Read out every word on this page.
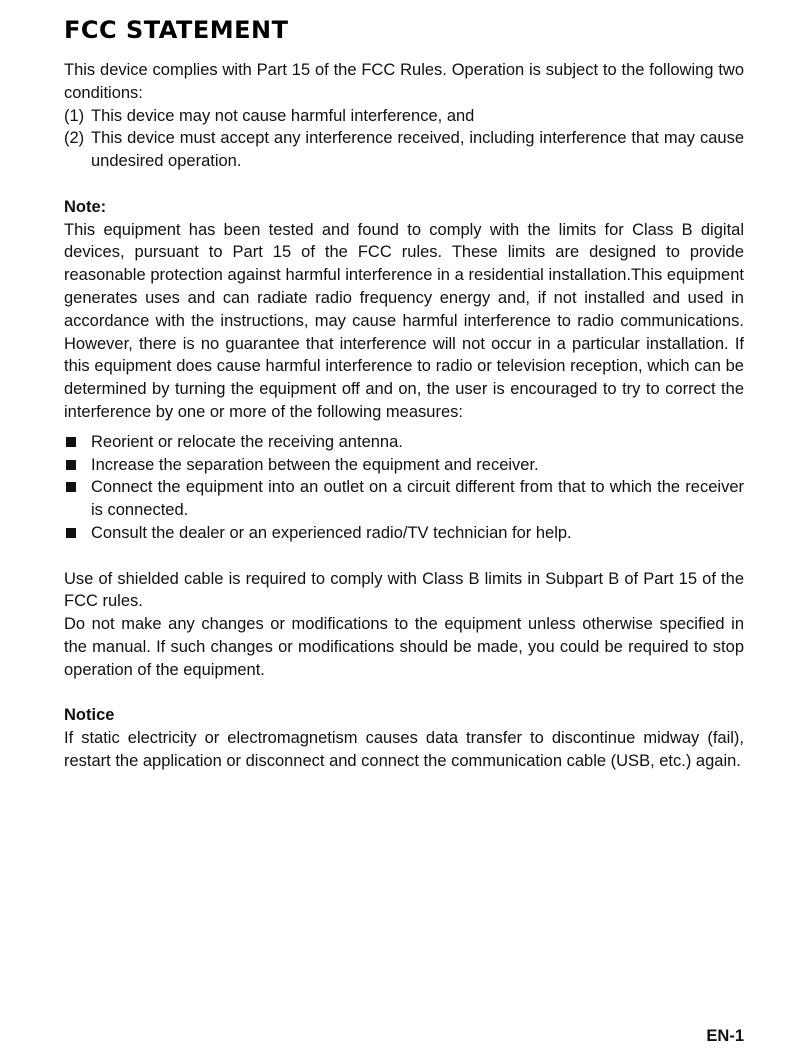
FCC STATEMENT

This device complies with Part 15 of the FCC Rules. Operation is subject to the following two conditions:

(1) This device may not cause harmful interference, and
(2) This device must accept any interference received, including interference that may cause undesired operation.
Note:

This equipment has been tested and found to comply with the limits for Class B digital devices, pursuant to Part 15 of the FCC rules. These limits are designed to provide reasonable protection against harmful interference in a residential installation.This equipment generates uses and can radiate radio frequency energy and, if not installed and used in accordance with the instructions, may cause harmful interference to radio communications. However, there is no guarantee that interference will not occur in a particular installation. If this equipment does cause harmful interference to radio or television reception, which can be determined by turning the equipment off and on, the user is encouraged to try to correct the interference by one or more of the following measures:

Reorient or relocate the receiving antenna.
Increase the separation between the equipment and receiver.
Connect the equipment into an outlet on a circuit different from that to which the receiver is connected.
Consult the dealer or an experienced radio/TV technician for help.

Use of shielded cable is required to comply with Class B limits in Subpart B of Part 15 of the FCC rules.

Do not make any changes or modifications to the equipment unless otherwise specified in the manual. If such changes or modifications should be made, you could be required to stop operation of the equipment.

Notice

If static electricity or electromagnetism causes data transfer to discontinue midway (fail), restart the application or disconnect and connect the communication cable (USB, etc.) again.

EN-1
